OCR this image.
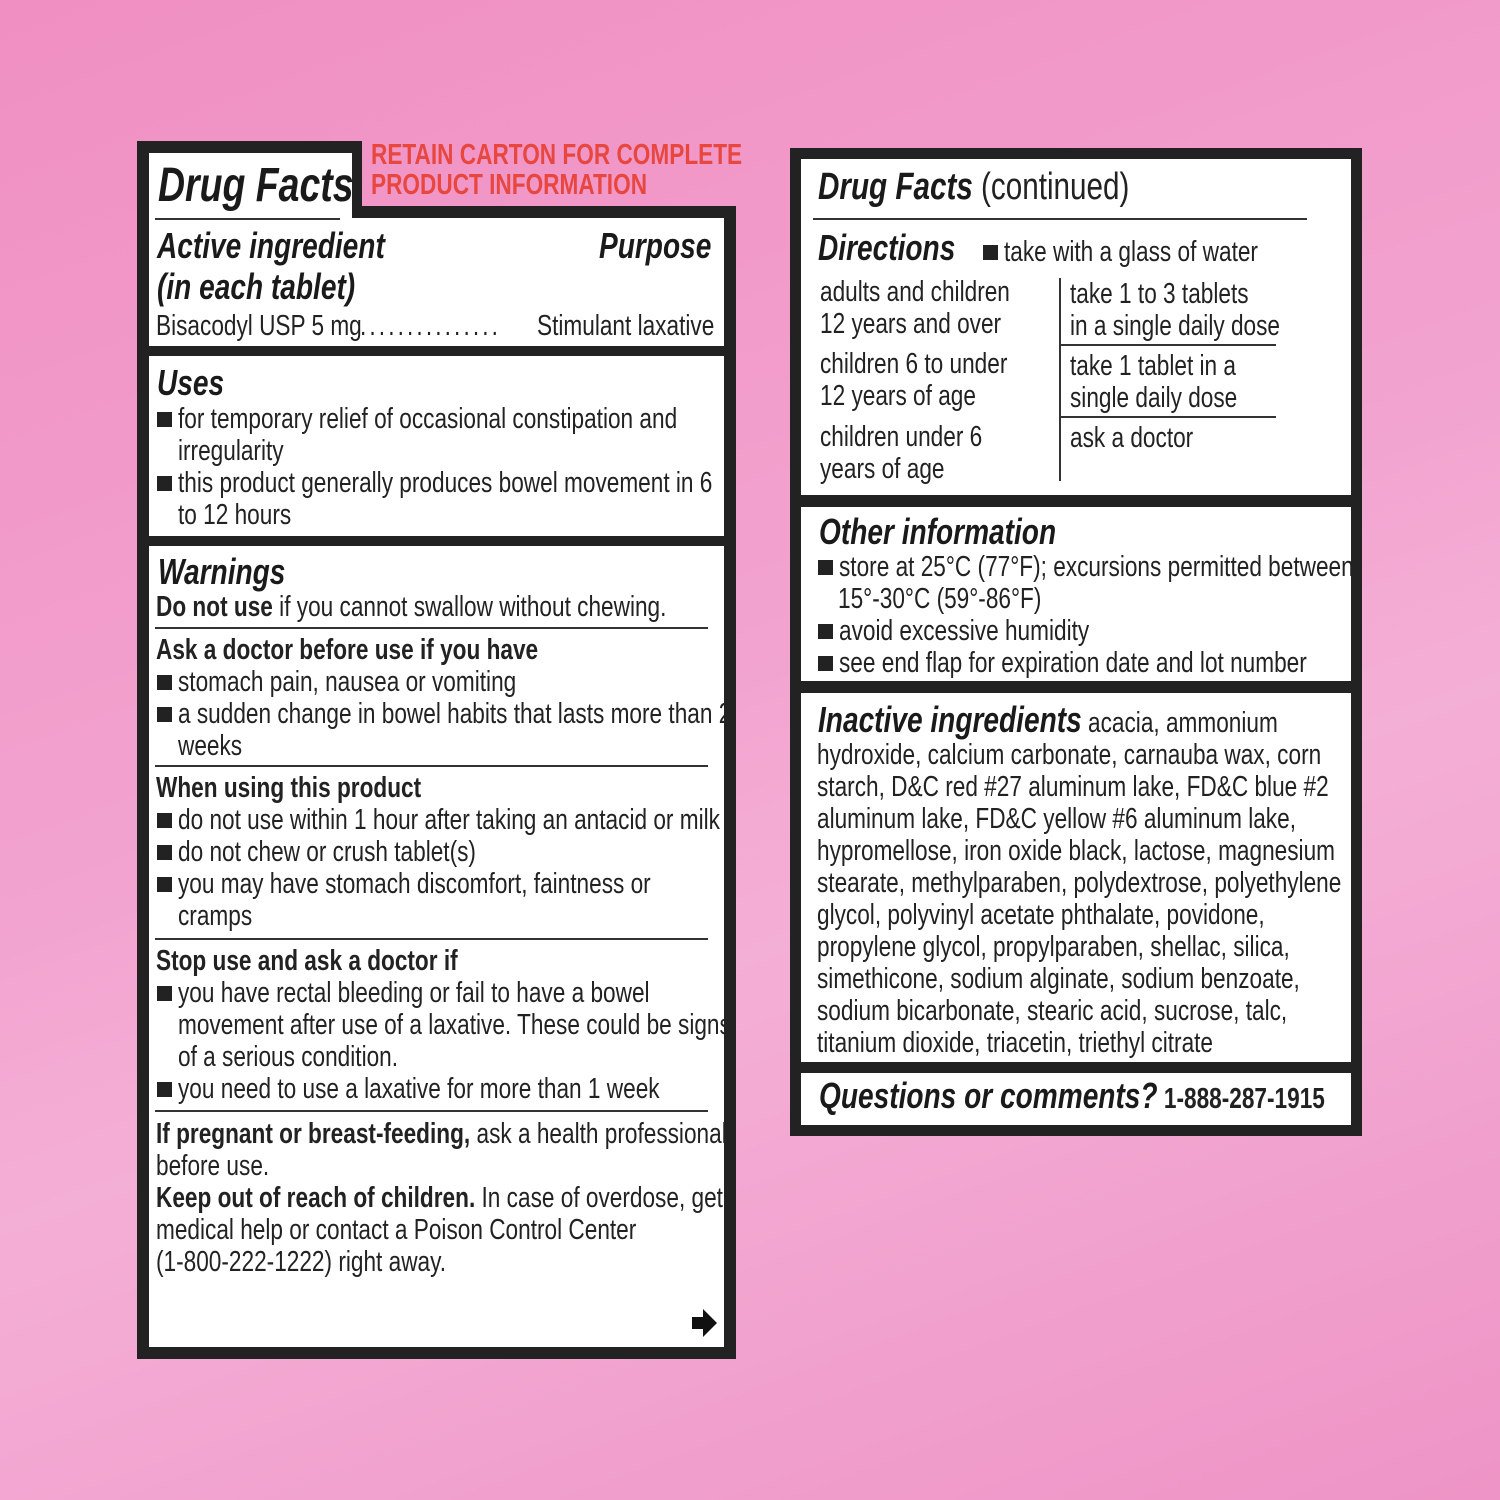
RETAIN CARTON FOR COMPLETE
PRODUCT INFORMATION
Drug Facts
Active ingredient
(in each tablet)
Purpose
Bisacodyl USP 5 mg
...............	Stimulant laxative
Uses
for temporary relief of occasional constipation and
irregularity
this product generally produces bowel movement in 6
to 12 hours
Warnings
Do not use if you cannot swallow without chewing.
Ask a doctor before use if you have
stomach pain, nausea or vomiting
a sudden change in bowel habits that lasts more than 2
weeks
When using this product
do not use within 1 hour after taking an antacid or milk
do not chew or crush tablet(s)
you may have stomach discomfort, faintness or
cramps
Stop use and ask a doctor if
you have rectal bleeding or fail to have a bowel
movement after use of a laxative. These could be signs
of a serious condition.
you need to use a laxative for more than 1 week
If pregnant or breast-feeding, ask a health professional
before use.
Keep out of reach of children. In case of overdose, get
medical help or contact a Poison Control Center
(1-800-222-1222) right away.
Drug Facts (continued)
Directions	take with a glass of water
adults and children
12 years and over
take 1 to 3 tablets
in a single daily dose
children 6 to under
12 years of age
take 1 tablet in a
single daily dose
children under 6
years of age
ask a doctor
Other information
store at 25°C (77°F); excursions permitted between
15°-30°C (59°-86°F)
avoid excessive humidity
see end flap for expiration date and lot number
Inactive ingredients acacia, ammonium
hydroxide, calcium carbonate, carnauba wax, corn
starch, D&C red #27 aluminum lake, FD&C blue #2
aluminum lake, FD&C yellow #6 aluminum lake,
hypromellose, iron oxide black, lactose, magnesium
stearate, methylparaben, polydextrose, polyethylene
glycol, polyvinyl acetate phthalate, povidone,
propylene glycol, propylparaben, shellac, silica,
simethicone, sodium alginate, sodium benzoate,
sodium bicarbonate, stearic acid, sucrose, talc,
titanium dioxide, triacetin, triethyl citrate
Questions or comments? 1-888-287-1915
